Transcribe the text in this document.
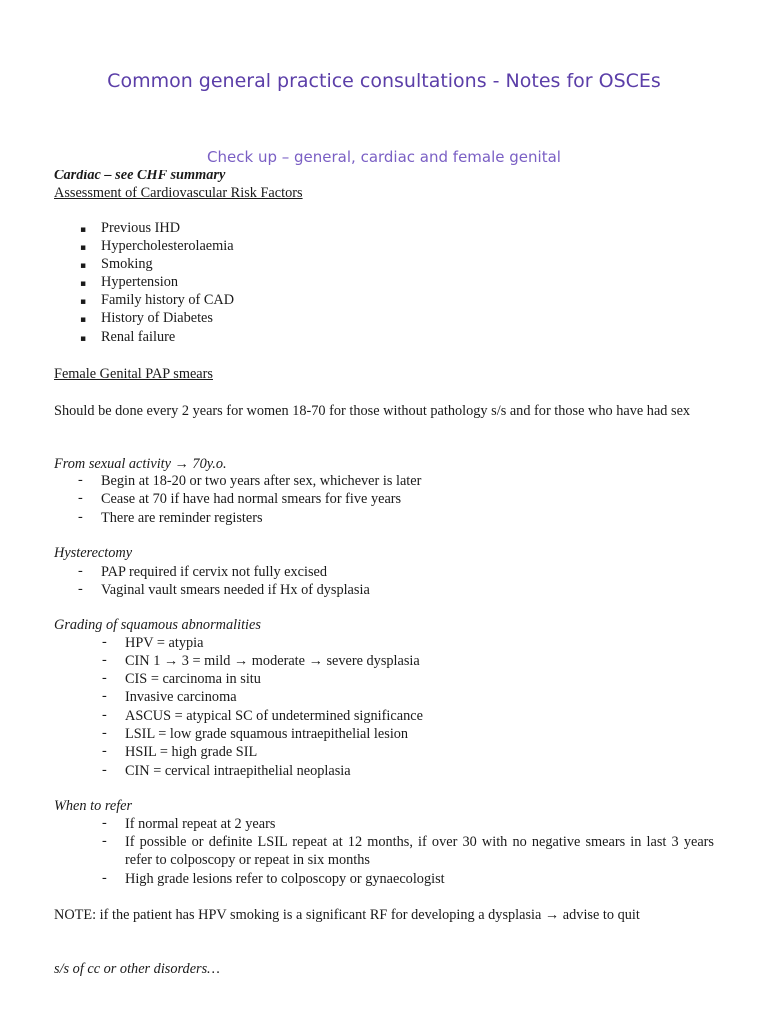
Common general practice consultations - Notes for OSCEs
Check up – general, cardiac and female genital
Cardiac – see CHF summary
Assessment of Cardiovascular Risk Factors
▪ Previous IHD
▪ Hypercholesterolaemia
▪ Smoking
▪ Hypertension
▪ Family history of CAD
▪ History of Diabetes
▪ Renal failure
Female Genital PAP smears
Should be done every 2 years for women 18-70 for those without pathology s/s and for those who have had sex
From sexual activity → 70y.o.
- Begin at 18-20 or two years after sex, whichever is later
- Cease at 70 if have had normal smears for five years
- There are reminder registers
Hysterectomy
- PAP required if cervix not fully excised
- Vaginal vault smears needed if Hx of dysplasia
Grading of squamous abnormalities
- HPV = atypia
- CIN 1 → 3 = mild → moderate → severe dysplasia
- CIS = carcinoma in situ
- Invasive carcinoma
- ASCUS = atypical SC of undetermined significance
- LSIL = low grade squamous intraepithelial lesion
- HSIL = high grade SIL
- CIN = cervical intraepithelial neoplasia
When to refer
- If normal repeat at 2 years
- If possible or definite LSIL repeat at 12 months, if over 30 with no negative smears in last 3 years refer to colposcopy or repeat in six months
- High grade lesions refer to colposcopy or gynaecologist
NOTE: if the patient has HPV smoking is a significant RF for developing a dysplasia → advise to quit
s/s of cc or other disorders…
